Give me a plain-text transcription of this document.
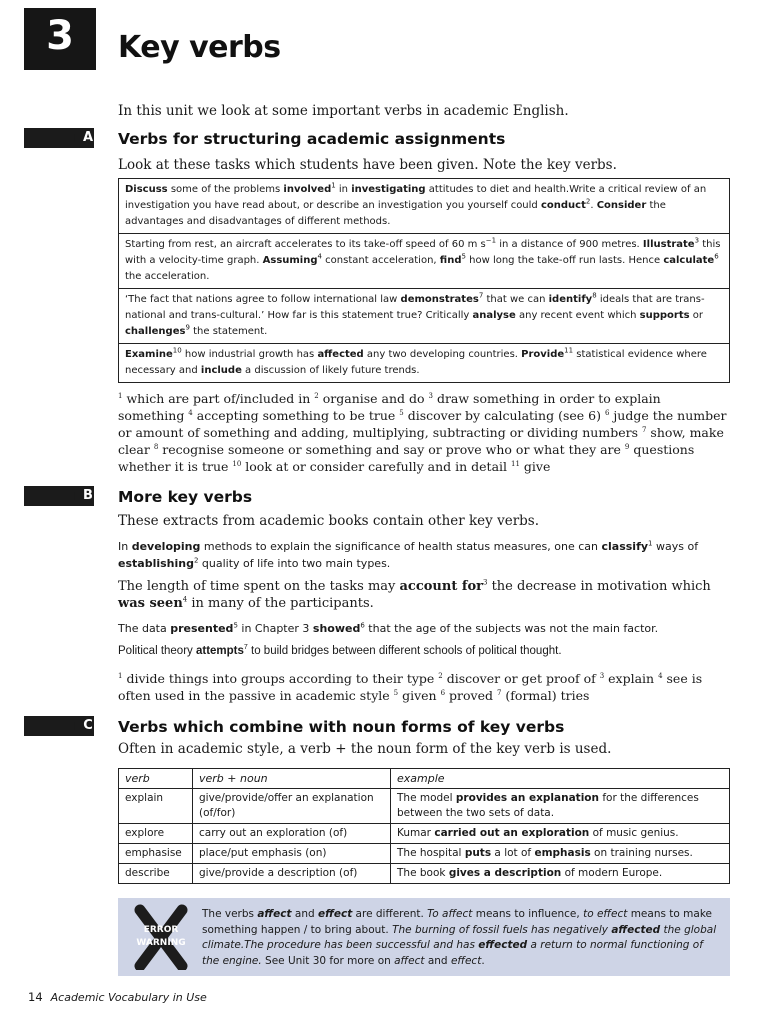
3	Key verbs

In this unit we look at some important verbs in academic English.

A	Verbs for structuring academic assignments

Look at these tasks which students have been given. Note the key verbs.

Discuss some of the problems involved$^1$ in investigating attitudes to diet and health.Write a critical review of an investigation you have read about, or describe an investigation you yourself could conduct$^2$. Consider the advantages and disadvantages of different methods.
Starting from rest, an aircraft accelerates to its take-off speed of 60 m $s^{-1}$ in a distance of 900 metres. Illustrate$^3$ this with a velocity-time graph. Assuming$^4$ constant acceleration, find$^5$ how long the take-off run lasts. Hence calculate$^6$ the acceleration.
‘The fact that nations agree to follow international law demonstrates$^7$ that we can identify$^8$ ideals that are trans-national and trans-cultural.’ How far is this statement true? Critically analyse any recent event which supports or challenges$^9$ the statement.
Examine$^{10}$ how industrial growth has affected any two developing countries. Provide$^{11}$ statistical evidence where necessary and include a discussion of likely future trends.
$^1$ which are part of/included in $^2$ organise and do $^3$ draw something in order to explain something $^4$ accepting something to be true $^5$ discover by calculating (see 6) $^6$ judge the number or amount of something and adding, multiplying, subtracting or dividing numbers $^7$ show, make clear $^8$ recognise someone or something and say or prove who or what they are $^9$ questions whether it is true $^{10}$ look at or consider carefully and in detail $^{11}$ give
B	More key verbs

These extracts from academic books contain other key verbs.

In developing methods to explain the significance of health status measures, one can classify$^1$ ways of establishing$^2$ quality of life into two main types.
The length of time spent on the tasks may account for$^3$ the decrease in motivation which was seen$^4$ in many of the participants.
The data presented$^5$ in Chapter 3 showed$^6$ that the age of the subjects was not the main factor.
Political theory attempts$^7$ to build bridges between different schools of political thought.
$^1$ divide things into groups according to their type $^2$ discover or get proof of $^3$ explain $^4$ see is often used in the passive in academic style $^5$ given $^6$ proved $^7$ (formal) tries
C	Verbs which combine with noun forms of key verbs

Often in academic style, a verb + the noun form of the key verb is used.

verb	verb + noun	example
explain	give/provide/offer an explanation (of/for)	The model provides an explanation for the differences between the two sets of data.
explore	carry out an exploration (of)	Kumar carried out an exploration of music genius.
emphasise	place/put emphasis (on)	The hospital puts a lot of emphasis on training nurses.
describe	give/provide a description (of)	The book gives a description of modern Europe.
ERROR
WARNING
The verbs affect and effect are different. To affect means to influence, to effect means to make something happen / to bring about. The burning of fossil fuels has negatively affected the global climate.The procedure has been successful and has effected a return to normal functioning of the engine. See Unit 30 for more on affect and effect.
14 Academic Vocabulary in Use
